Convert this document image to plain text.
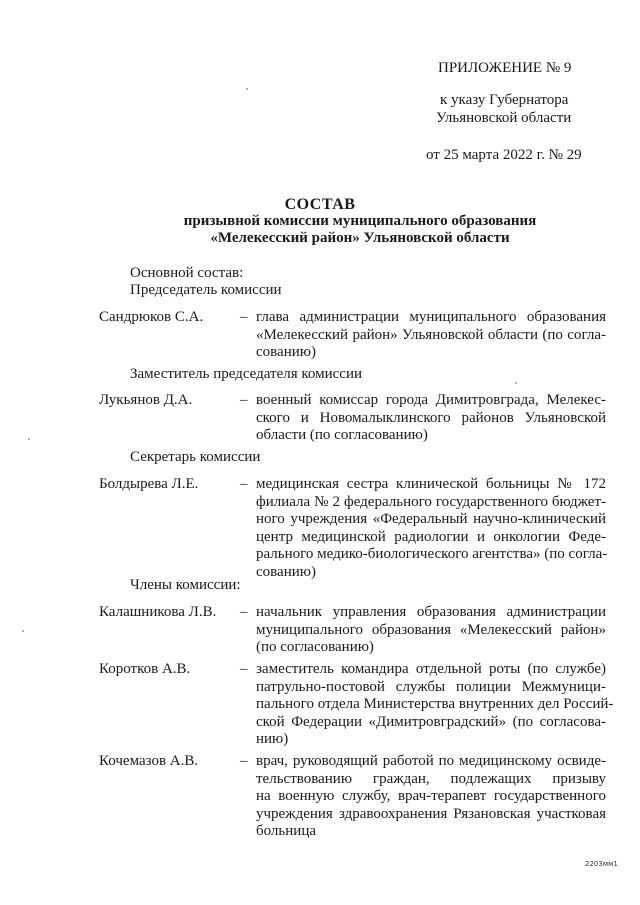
ПРИЛОЖЕНИЕ № 9
к указу Губернатора
Ульяновской области
от 25 марта 2022 г. № 29
СОСТАВ
призывной комиссии муниципального образования
«Мелекесский район» Ульяновской области
Основной состав:
Председатель комиссии
Сандрюков С.А. – глава администрации муниципального образования
«Мелекесский район» Ульяновской области (по согла-
сованию)
Заместитель председателя комиссии
Лукьянов Д.А.	– военный комиссар города Димитровграда, Мелекес-
ского и Новомалыклинского районов Ульяновской
области (по согласованию)
Секретарь комиссии
Болдырева Л.Е.	– медицинская сестра клинической больницы № 172
филиала № 2 федерального государственного бюджет-
ного учреждения «Федеральный научно-клинический
центр медицинской радиологии и онкологии Феде-
рального медико-биологического агентства» (по согла-
сованию)
Члены комиссии:
Калашникова Л.В. – начальник управления образования администрации
муниципального образования «Мелекесский район»
(по согласованию)
Коротков А.В.	– заместитель командира отдельной роты (по службе)
патрульно-постовой службы полиции Межмуници-
пального отдела Министерства внутренних дел Россий-
ской Федерации «Димитровградский» (по согласова-
нию)
Кочемазов А.В.	– врач, руководящий работой по медицинскому освиде-
тельствованию граждан, подлежащих призыву
на военную службу, врач-терапевт государственного
учреждения здравоохранения Рязановская участковая
больница
2203мм1
